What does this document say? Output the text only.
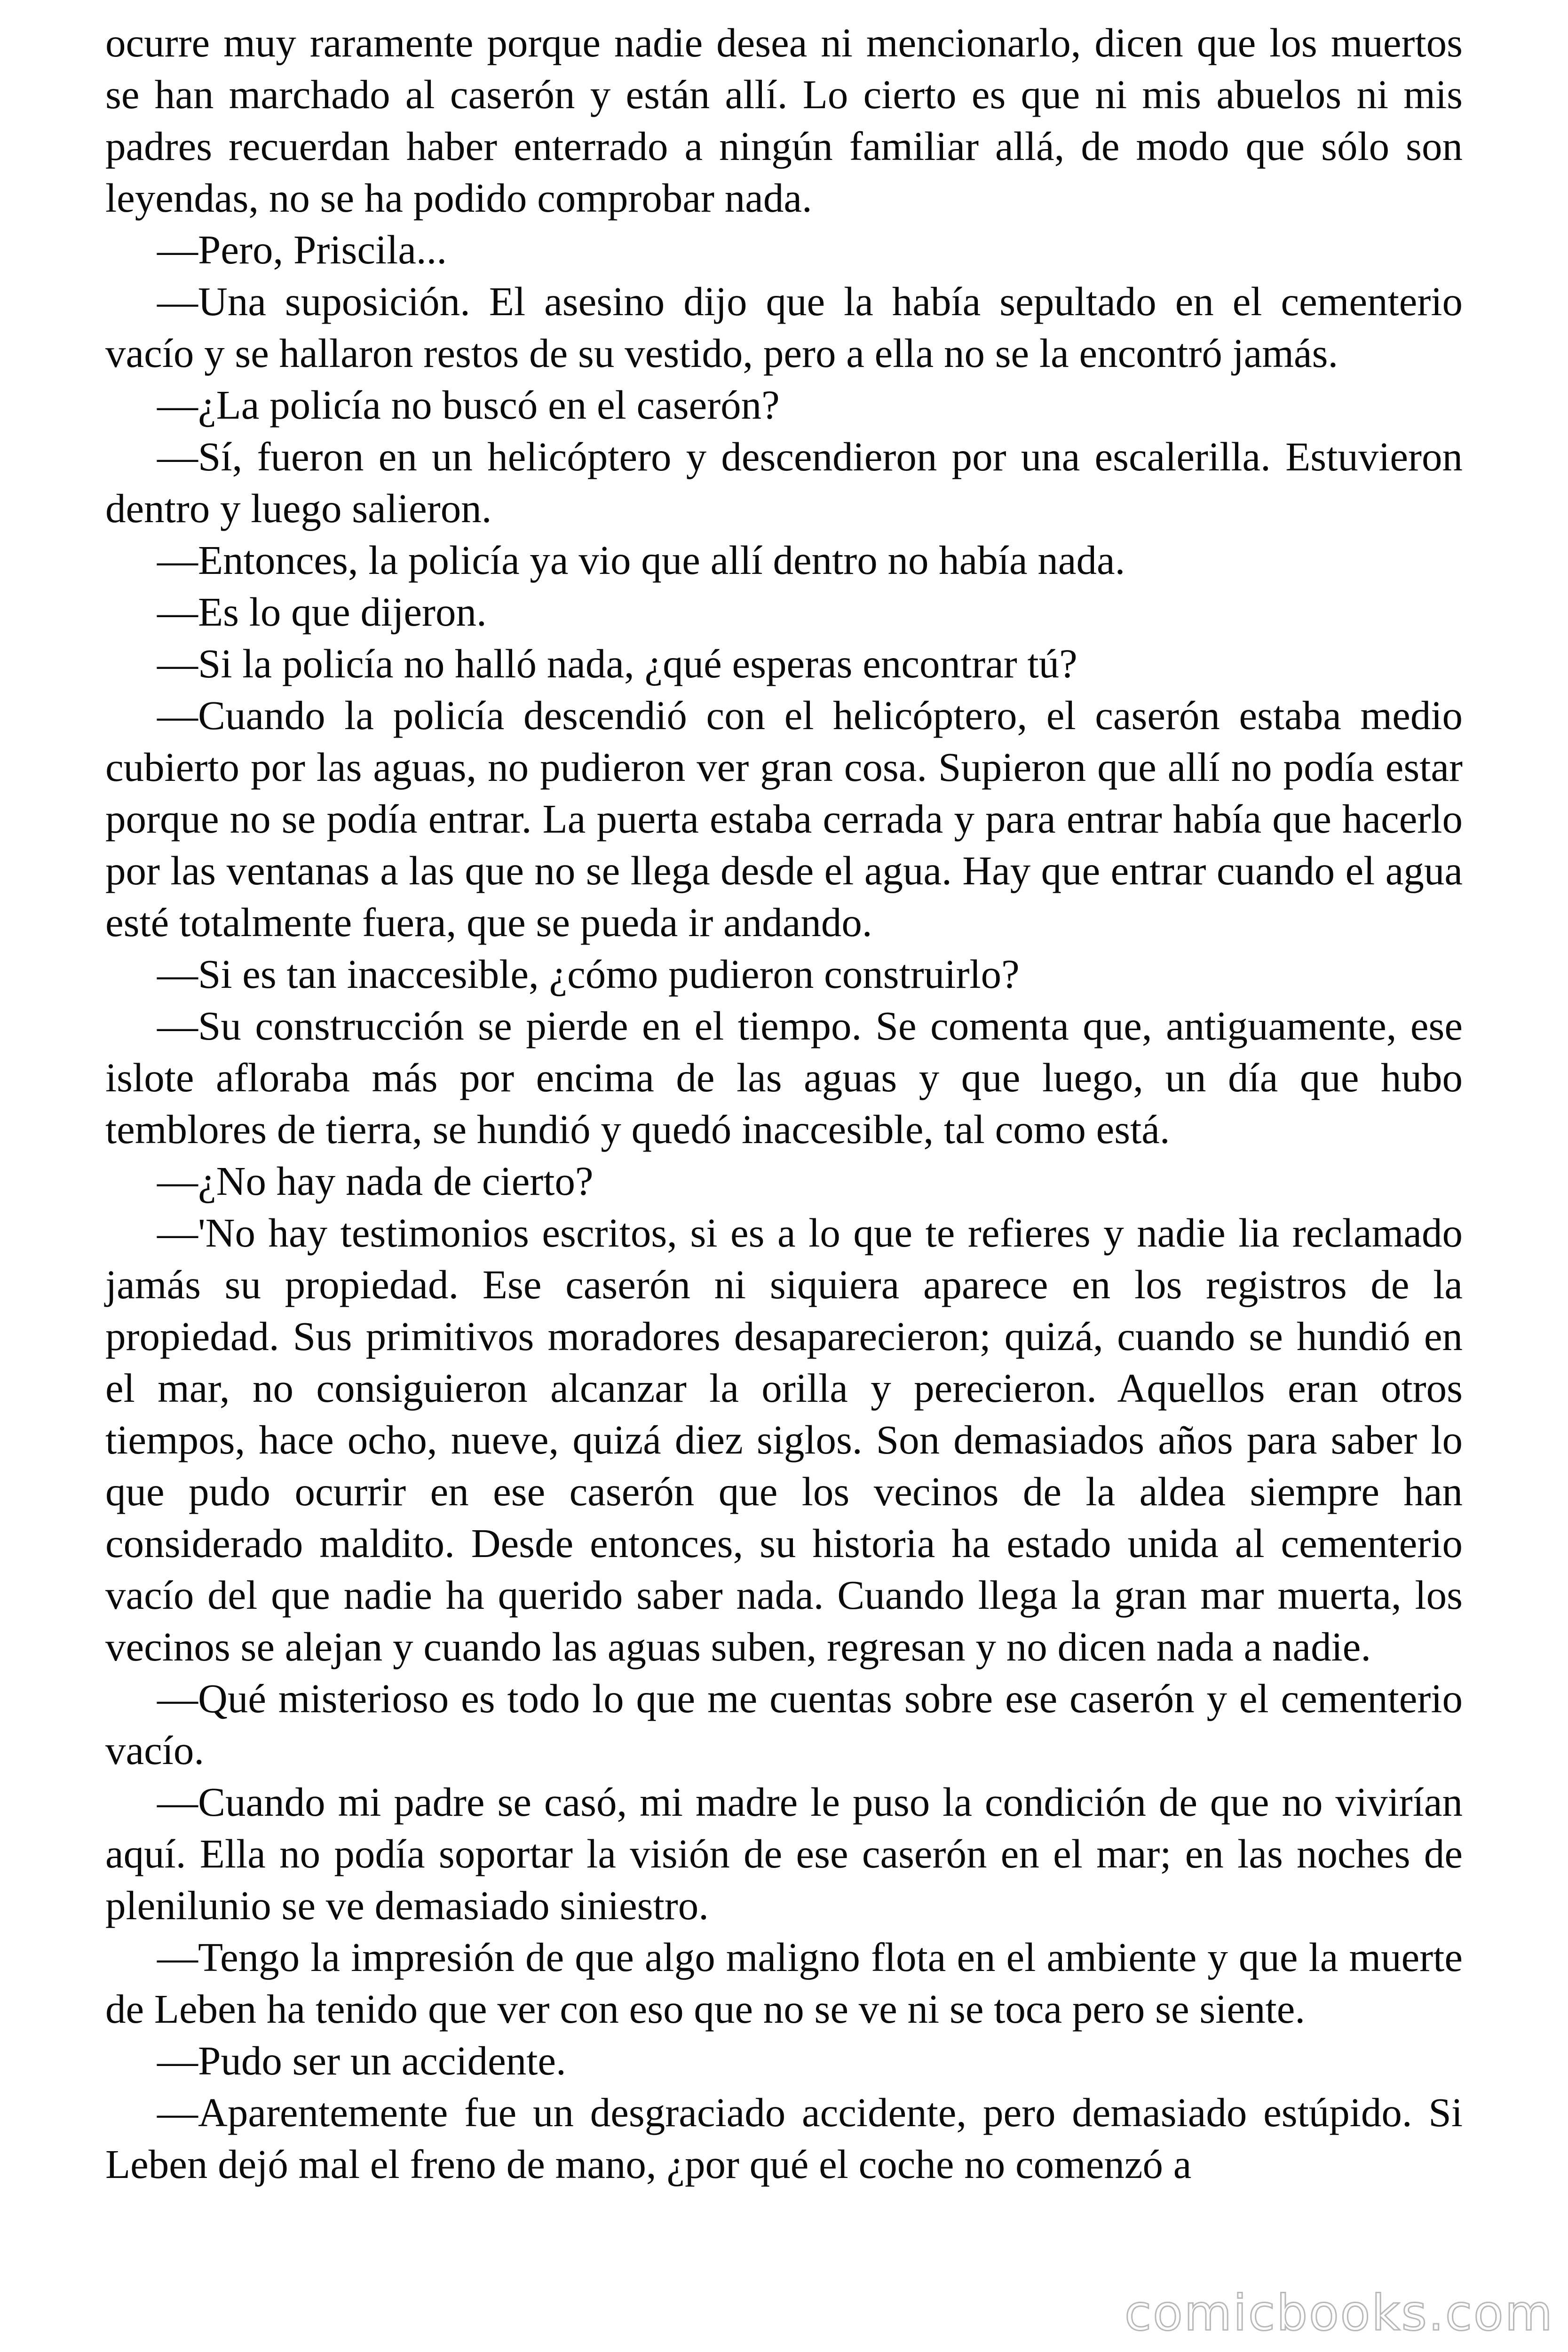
ocurre muy raramente porque nadie desea ni mencionarlo, dicen que los muertos se han marchado al caserón y están allí. Lo cierto es que ni mis abuelos ni mis padres recuerdan haber enterrado a ningún familiar allá, de modo que sólo son leyendas, no se ha podido comprobar nada.

—Pero, Priscila...

—Una suposición. El asesino dijo que la había sepultado en el cementerio vacío y se hallaron restos de su vestido, pero a ella no se la encontró jamás.

—¿La policía no buscó en el caserón?

—Sí, fueron en un helicóptero y descendieron por una escalerilla. Estuvieron dentro y luego salieron.

—Entonces, la policía ya vio que allí dentro no había nada.

—Es lo que dijeron.

—Si la policía no halló nada, ¿qué esperas encontrar tú?

—Cuando la policía descendió con el helicóptero, el caserón estaba medio cubierto por las aguas, no pudieron ver gran cosa. Supieron que allí no podía estar porque no se podía entrar. La puerta estaba cerrada y para entrar había que hacerlo por las ventanas a las que no se llega desde el agua. Hay que entrar cuando el agua esté totalmente fuera, que se pueda ir andando.

—Si es tan inaccesible, ¿cómo pudieron construirlo?

—Su construcción se pierde en el tiempo. Se comenta que, antiguamente, ese islote afloraba más por encima de las aguas y que luego, un día que hubo temblores de tierra, se hundió y quedó inaccesible, tal como está.

—¿No hay nada de cierto?

—'No hay testimonios escritos, si es a lo que te refieres y nadie lia reclamado jamás su propiedad. Ese caserón ni siquiera aparece en los registros de la propiedad. Sus primitivos moradores desaparecieron; quizá, cuando se hundió en el mar, no consiguieron alcanzar la orilla y perecieron. Aquellos eran otros tiempos, hace ocho, nueve, quizá diez siglos. Son demasiados años para saber lo que pudo ocurrir en ese caserón que los vecinos de la aldea siempre han considerado maldito. Desde entonces, su historia ha estado unida al cementerio vacío del que nadie ha querido saber nada. Cuando llega la gran mar muerta, los vecinos se alejan y cuando las aguas suben, regresan y no dicen nada a nadie.

—Qué misterioso es todo lo que me cuentas sobre ese caserón y el cementerio vacío.

—Cuando mi padre se casó, mi madre le puso la condición de que no vivirían aquí. Ella no podía soportar la visión de ese caserón en el mar; en las noches de plenilunio se ve demasiado siniestro.

—Tengo la impresión de que algo maligno flota en el ambiente y que la muerte de Leben ha tenido que ver con eso que no se ve ni se toca pero se siente.

—Pudo ser un accidente.

—Aparentemente fue un desgraciado accidente, pero demasiado estúpido. Si Leben dejó mal el freno de mano, ¿por qué el coche no comenzó a

comicbooks.com
